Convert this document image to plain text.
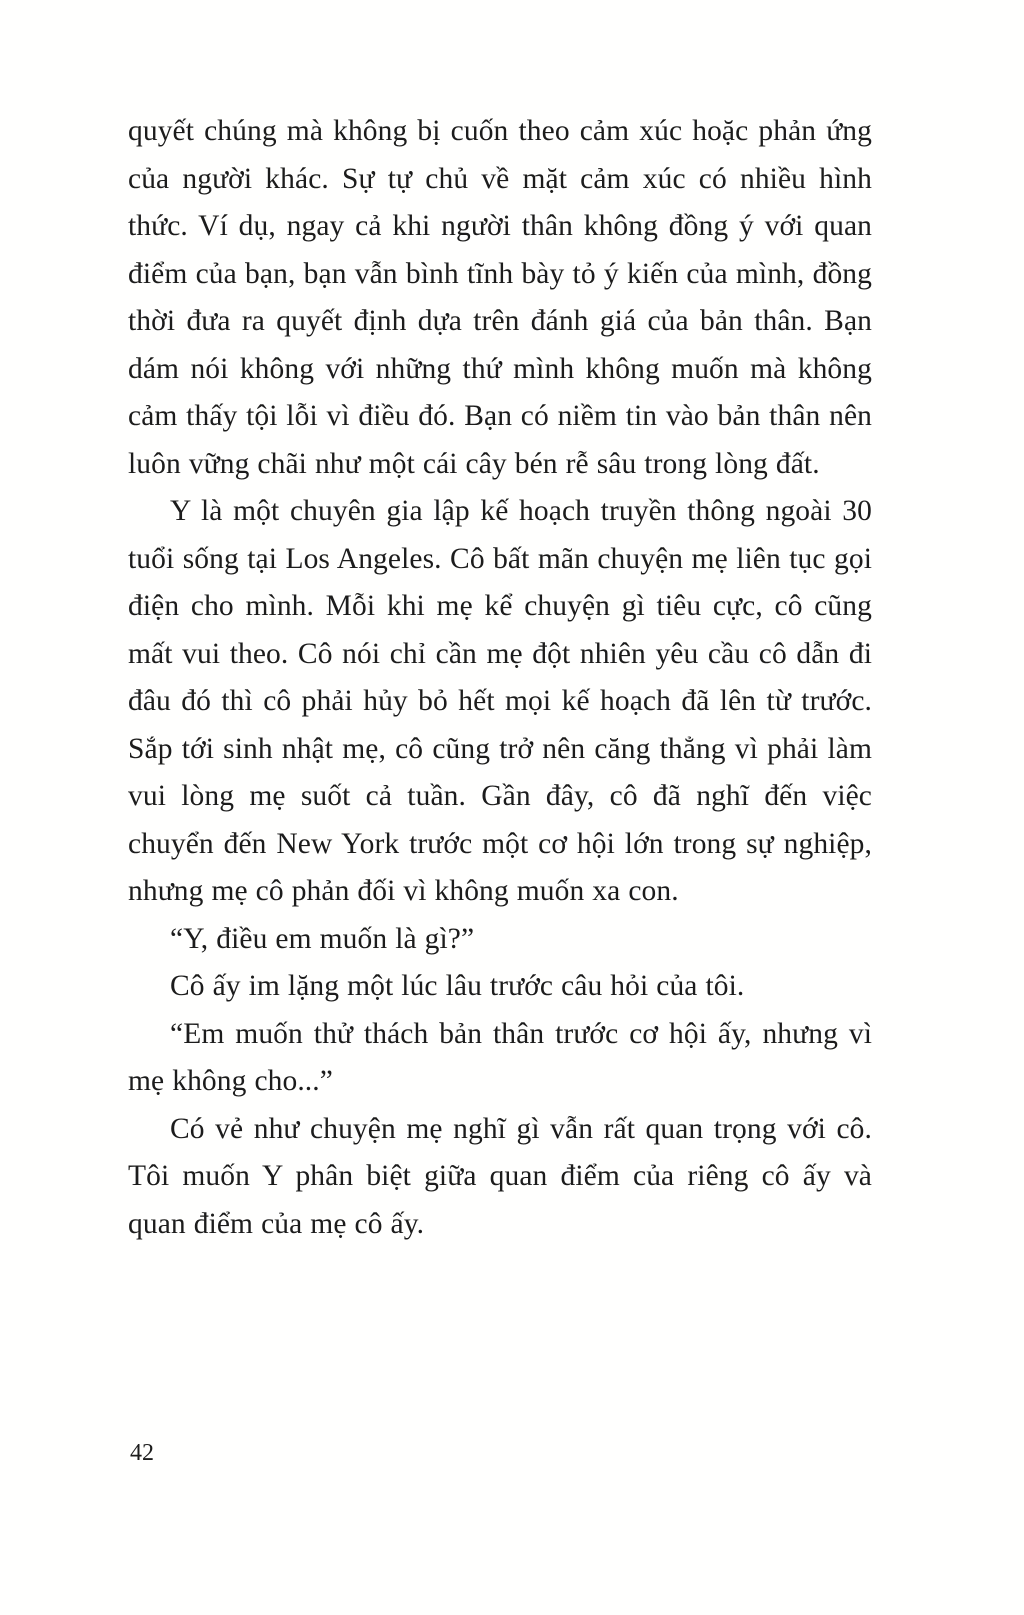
quyết chúng mà không bị cuốn theo cảm xúc hoặc phản ứng của người khác. Sự tự chủ về mặt cảm xúc có nhiều hình thức. Ví dụ, ngay cả khi người thân không đồng ý với quan điểm của bạn, bạn vẫn bình tĩnh bày tỏ ý kiến của mình, đồng thời đưa ra quyết định dựa trên đánh giá của bản thân. Bạn dám nói không với những thứ mình không muốn mà không cảm thấy tội lỗi vì điều đó. Bạn có niềm tin vào bản thân nên luôn vững chãi như một cái cây bén rễ sâu trong lòng đất.

Y là một chuyên gia lập kế hoạch truyền thông ngoài 30 tuổi sống tại Los Angeles. Cô bất mãn chuyện mẹ liên tục gọi điện cho mình. Mỗi khi mẹ kể chuyện gì tiêu cực, cô cũng mất vui theo. Cô nói chỉ cần mẹ đột nhiên yêu cầu cô dẫn đi đâu đó thì cô phải hủy bỏ hết mọi kế hoạch đã lên từ trước. Sắp tới sinh nhật mẹ, cô cũng trở nên căng thẳng vì phải làm vui lòng mẹ suốt cả tuần. Gần đây, cô đã nghĩ đến việc chuyển đến New York trước một cơ hội lớn trong sự nghiệp, nhưng mẹ cô phản đối vì không muốn xa con.

“Y, điều em muốn là gì?”

Cô ấy im lặng một lúc lâu trước câu hỏi của tôi.

“Em muốn thử thách bản thân trước cơ hội ấy, nhưng vì mẹ không cho...”

Có vẻ như chuyện mẹ nghĩ gì vẫn rất quan trọng với cô. Tôi muốn Y phân biệt giữa quan điểm của riêng cô ấy và quan điểm của mẹ cô ấy.

42
